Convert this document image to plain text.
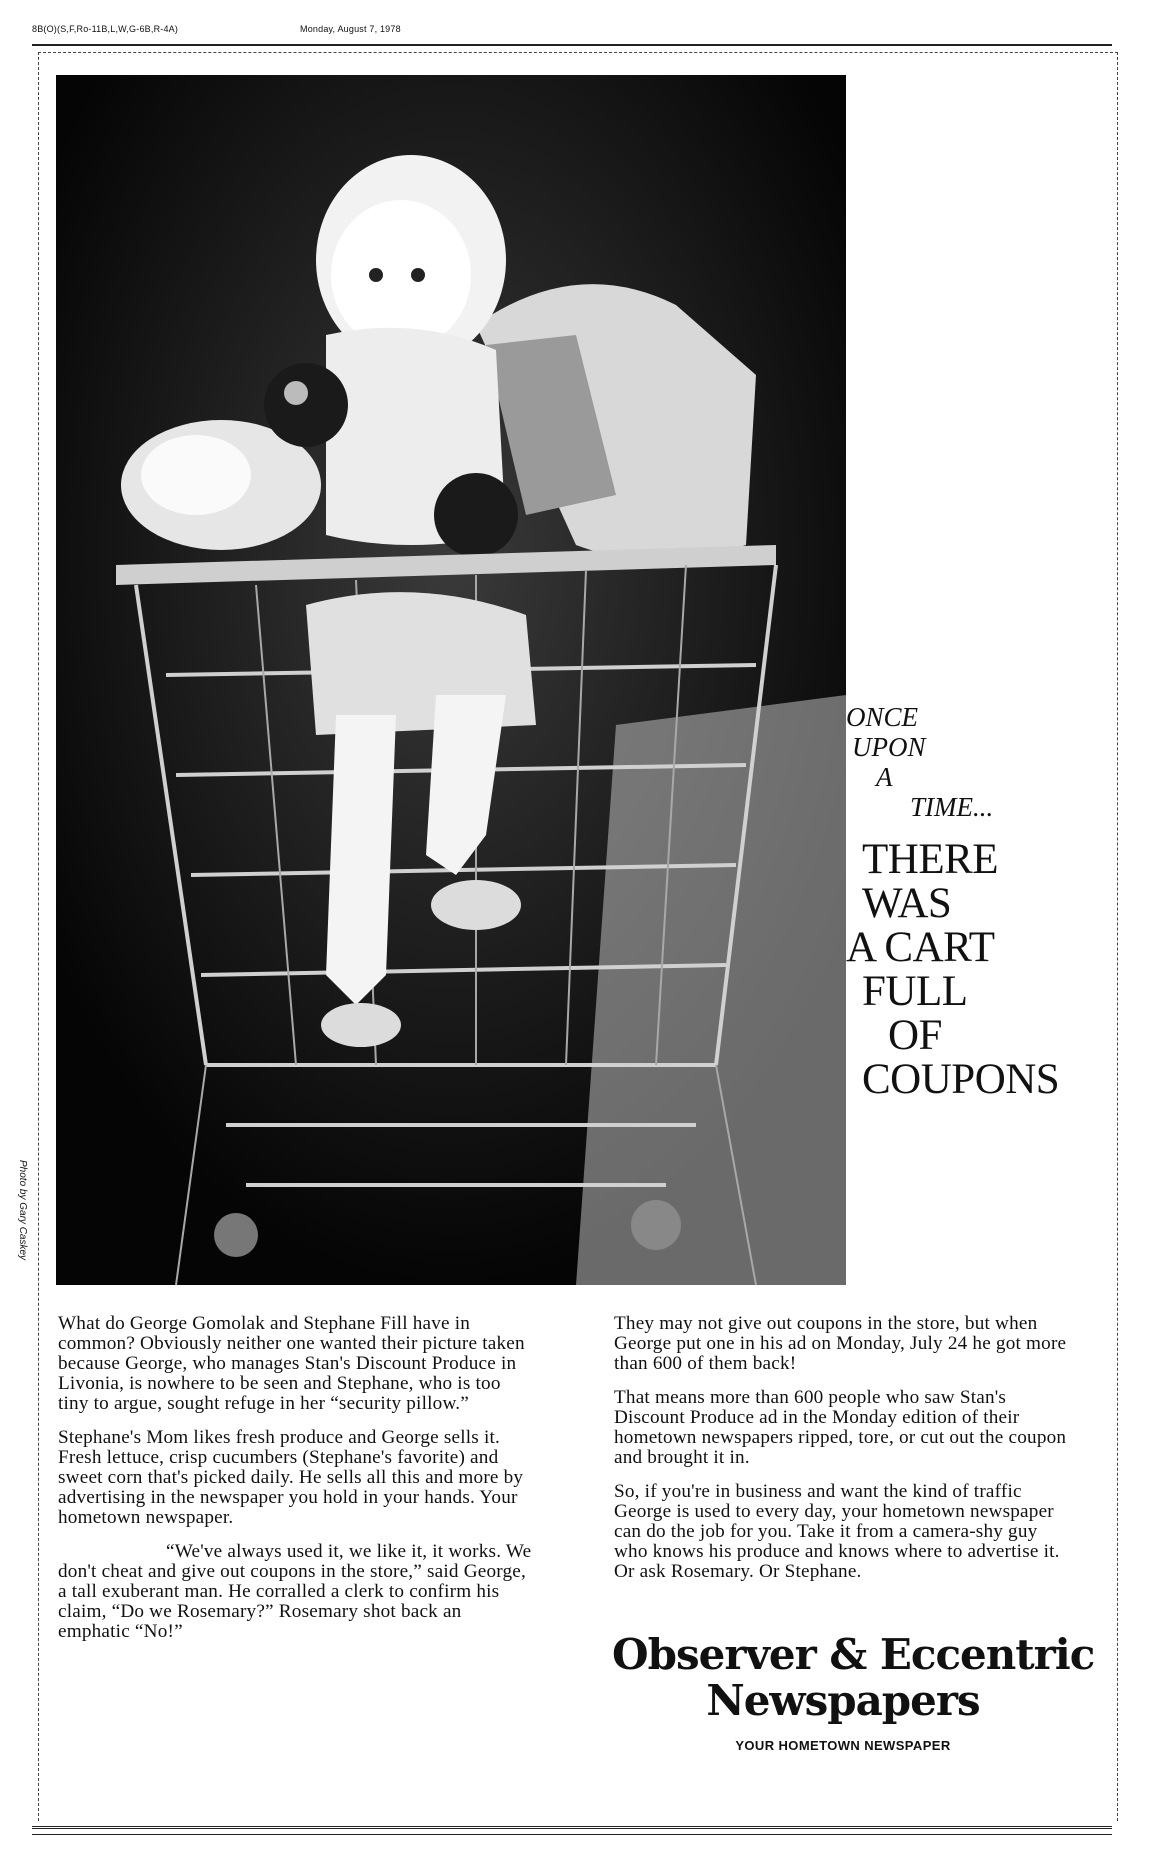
8B(O)(S,F,Ro-11B,L,W,G-6B,R-4A)	Monday, August 7, 1978
Photo by Gary Caskey
ONCE
UPON
A
TIME...
THERE
WAS
A CART
FULL
OF
COUPONS

What do George Gomolak and Stephane Fill have in common? Obviously neither one wanted their picture taken because George, who manages Stan's Discount Produce in Livonia, is nowhere to be seen and Stephane, who is too tiny to argue, sought refuge in her “security pillow.”

Stephane's Mom likes fresh produce and George sells it. Fresh lettuce, crisp cucumbers (Stephane's favorite) and sweet corn that's picked daily. He sells all this and more by advertising in the newspaper you hold in your hands. Your hometown newspaper.

“We've always used it, we like it, it works. We don't cheat and give out coupons in the store,” said George, a tall exuberant man. He corralled a clerk to confirm his claim, “Do we Rosemary?” Rosemary shot back an emphatic “No!”

They may not give out coupons in the store, but when George put one in his ad on Monday, July 24 he got more than 600 of them back!

That means more than 600 people who saw Stan's Discount Produce ad in the Monday edition of their hometown newspapers ripped, tore, or cut out the coupon and brought it in.

So, if you're in business and want the kind of traffic George is used to every day, your hometown newspaper can do the job for you. Take it from a camera-shy guy who knows his produce and knows where to advertise it. Or ask Rosemary. Or Stephane.

Observer & Eccentric
Newspapers
YOUR HOMETOWN NEWSPAPER
